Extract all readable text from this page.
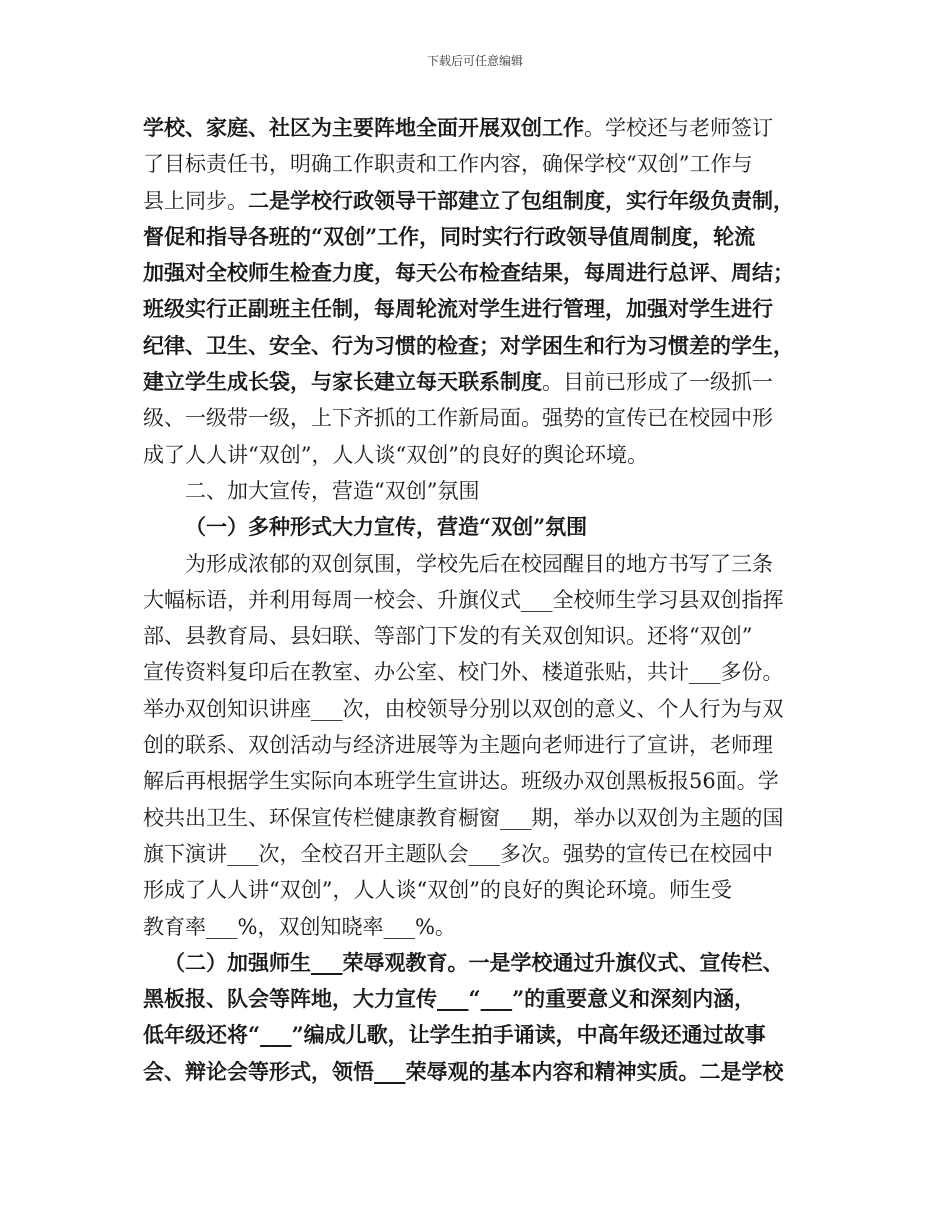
下载后可任意编辑
学校、家庭、社区为主要阵地全面开展双创工作。学校还与老师签订
了目标责任书，明确工作职责和工作内容，确保学校“双创”工作与
县上同步。二是学校行政领导干部建立了包组制度，实行年级负责制，
督促和指导各班的“双创”工作，同时实行行政领导值周制度，轮流
加强对全校师生检查力度，每天公布检查结果，每周进行总评、周结；
班级实行正副班主任制，每周轮流对学生进行管理，加强对学生进行
纪律、卫生、安全、行为习惯的检查；对学困生和行为习惯差的学生，
建立学生成长袋，与家长建立每天联系制度。目前已形成了一级抓一
级、一级带一级，上下齐抓的工作新局面。强势的宣传已在校园中形
成了人人讲“双创”，人人谈“双创”的良好的舆论环境。
二、加大宣传，营造“双创”氛围
（一）多种形式大力宣传，营造“双创”氛围
为形成浓郁的双创氛围，学校先后在校园醒目的地方书写了三条
大幅标语，并利用每周一校会、升旗仪式___全校师生学习县双创指挥
部、县教育局、县妇联、等部门下发的有关双创知识。还将“双创”
宣传资料复印后在教室、办公室、校门外、楼道张贴，共计___多份。
举办双创知识讲座___次，由校领导分别以双创的意义、个人行为与双
创的联系、双创活动与经济进展等为主题向老师进行了宣讲，老师理
解后再根据学生实际向本班学生宣讲达。班级办双创黑板报56面。学
校共出卫生、环保宣传栏健康教育橱窗___期，举办以双创为主题的国
旗下演讲___次，全校召开主题队会___多次。强势的宣传已在校园中
形成了人人讲“双创”，人人谈“双创”的良好的舆论环境。师生受
教育率___%，双创知晓率___%。
（二）加强师生___荣辱观教育。一是学校通过升旗仪式、宣传栏、
黑板报、队会等阵地，大力宣传___“___”的重要意义和深刻内涵，
低年级还将“___”编成儿歌，让学生拍手诵读，中高年级还通过故事
会、辩论会等形式，领悟___荣辱观的基本内容和精神实质。二是学校
